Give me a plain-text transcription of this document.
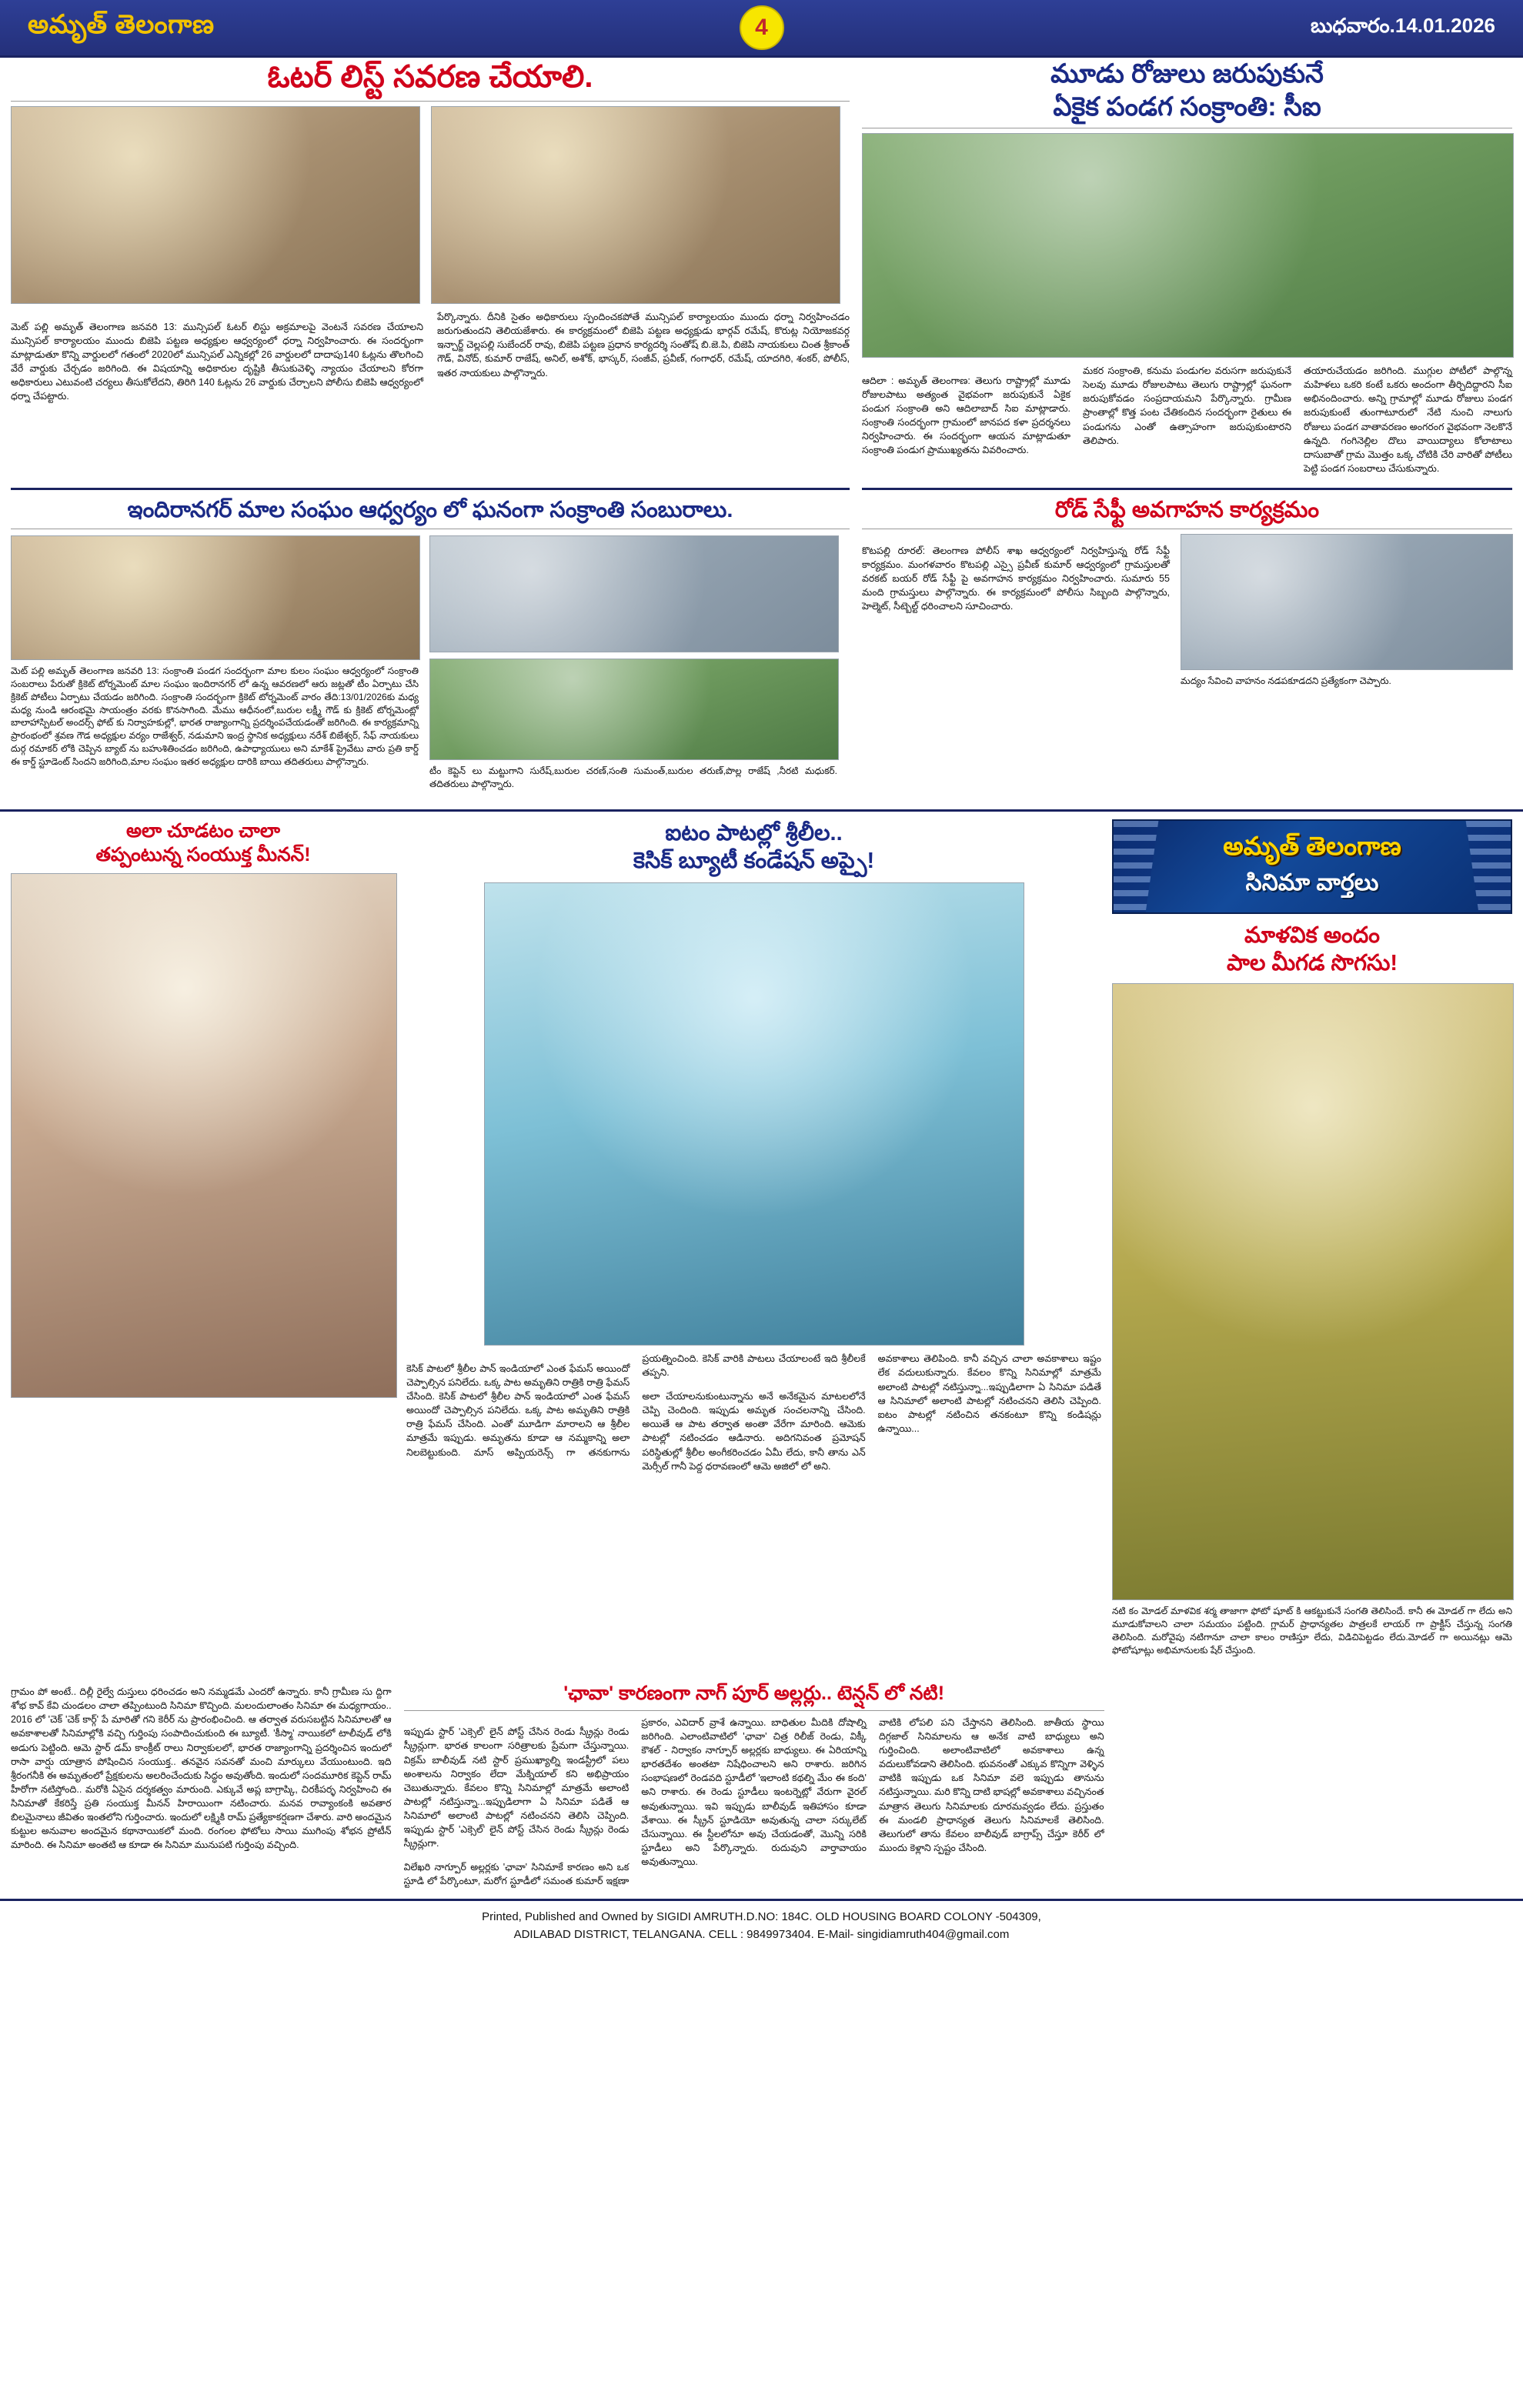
అమృత్ తెలంగాణ	4	బుధవారం.14.01.2026
ఓటర్ లిస్ట్ సవరణ చేయాలి.

మెట్ పల్లి అమృత్ తెలంగాణ జనవరి 13: మున్సిపల్ ఓటర్ లిస్టు అక్రమాలపై వెంటనే సవరణ చేయాలని మున్సిపల్ కార్యాలయం ముందు బిజెపి పట్టణ అధ్యక్షుల ఆధ్వర్యంలో ధర్నా నిర్వహించారు. ఈ సందర్భంగా మాట్లాడుతూ కొన్ని వార్డులలో గతంలో 2020లో మున్సిపల్ ఎన్నికల్లో 26 వార్డులలో దాదాపు140 ఓట్లను తొలగించి వేరే వార్డుకు చేర్చడం జరిగింది. ఈ విషయాన్ని అధికారుల దృష్టికి తీసుకువెళ్ళి న్యాయం చేయాలని కోరగా అధికారులు ఎటువంటి చర్యలు తీసుకోలేదని, తిరిగి 140 ఓట్లను 26 వార్డుకు చేర్చాలని పోలీసు బిజెపి ఆధ్వర్యంలో ధర్నా చేపట్టారు.

పేర్కొన్నారు. దీనికి సైతం అధికారులు స్పందించకపోతే మున్సిపల్ కార్యాలయం ముందు ధర్నా నిర్వహించడం జరుగుతుందని తెలియజేశారు. ఈ కార్యక్రమంలో బిజెపి పట్టణ అధ్యక్షుడు భార్గవ్ రమేష్, కొరుట్ల నియోజకవర్గ ఇన్చార్జ్ చెల్లపల్లి సుబేందర్ రావు, బిజెపి పట్టణ ప్రధాన కార్యదర్శి సంతోష్ బి.జె.పి, బిజెపి నాయకులు చింత శ్రీకాంత్ గౌడ్, వినోద్, కుమార్ రాజేష్, అనిల్, అశోక్, భాస్కర్, సంజీవ్, ప్రవీణ్, గంగాధర్, రమేష్, యాదగిరి, శంకర్, పోలీస్, ఇతర నాయకులు పాల్గొన్నారు.

మూడు రోజులు జరుపుకునే
ఏకైక పండగ సంక్రాంతి: సీఐ

ఆదిలా : అమృత్ తెలంగాణ: తెలుగు రాష్ట్రాల్లో మూడు రోజులపాటు అత్యంత వైభవంగా జరుపుకునే ఏకైక పండుగ సంక్రాంతి అని ఆదిలాబాద్ సిఐ మాట్లాడారు. సంక్రాంతి సందర్భంగా గ్రామంలో జానపద కళా ప్రదర్శనలు నిర్వహించారు. ఈ సందర్భంగా ఆయన మాట్లాడుతూ సంక్రాంతి పండుగ ప్రాముఖ్యతను వివరించారు.

మకర సంక్రాంతి, కనుమ పండుగల వరుసగా జరుపుకునే సెలవు మూడు రోజులపాటు తెలుగు రాష్ట్రాల్లో ఘనంగా జరుపుకోవడం సంప్రదాయమని పేర్కొన్నారు. గ్రామీణ ప్రాంతాల్లో కొత్త పంట చేతికందిన సందర్భంగా రైతులు ఈ పండుగను ఎంతో ఉత్సాహంగా జరుపుకుంటారని తెలిపారు.

తయారుచేయడం జరిగింది. ముగ్గుల పోటీలో పాల్గొన్న మహిళలు ఒకరి కంటే ఒకరు అందంగా తీర్చిదిద్దారని సీఐ అభినందించారు. అన్ని గ్రామాల్లో మూడు రోజులు పండగ జరుపుకుంటే తుంగాటూరులో నేటి నుంచి నాలుగు రోజులు పండగ వాతావరణం అంగరంగ వైభవంగా నెలకొనే ఉన్నది. గంగినెల్లిల దొలు వాయిద్యాలు కోలాటాలు దాసుబాతో గ్రామ మొత్తం ఒక్క చోటికి చేరి వారితో పోటీలు పెట్టి పండగ సంబరాలు చేసుకున్నారు.

ఇందిరానగర్ మాల సంఘం ఆధ్వర్యం లో ఘనంగా సంక్రాంతి సంబురాలు.

మెట్ పల్లి అమృత్ తెలంగాణ జనవరి 13: సంక్రాంతి పండగ సందర్భంగా మాల కులం సంఘం ఆధ్వర్యంలో సంక్రాంతి సంబరాలు పేరుతో క్రికెట్ టోర్నమెంట్ మాల సంఘం ఇందిరానగర్ లో ఉన్న ఆవరణలో ఆరు జట్లతో టీం ఏర్పాటు చేసి క్రికెట్ పోటీలు ఏర్పాటు చేయడం జరిగింది. సంక్రాంతి సందర్భంగా క్రికెట్ టోర్నమెంట్ వారం తేది:13/01/2026కు మధ్య మధ్య నుండి ఆరంభమై సాయంత్రం వరకు కొనసాగింది. మేము ఆధీనంలో,బురుల లక్ష్మీ గౌడ్ కు క్రికెట్ టోర్నమెంట్లో బాలాహాస్పిటల్ అందర్స్ ఫోట్ కు నిర్వాహకుల్లో, భారత రాజ్యాంగాన్ని ప్రదర్శింపచేయడంతో జరిగింది. ఈ కార్యక్రమాన్ని ప్రారంభంలో శ్రవణ గౌడ అధ్యక్షుల వర్యం రాజేశ్వర్, నడుమాని ఇంద్ర స్థానిక అధ్యక్షులు నరేశ్ బిజేశ్వర్, సేఫ్ నాయకులు దుర్గ రమాకర్ లోకి చెప్పిన బ్యాట్ ను బహుశితించడం జరిగింది, ఉపాధ్యాయులు అని మాకేశ్ ప్రైవేటు వారు ప్రతి కార్డ్ ఈ కార్డ్ స్టూడెంట్ సిందని జరిగింది,మాల సంఘం ఇతర అధ్యక్షుల దారికి బాయి తదితరులు పాల్గొన్నారు.

టీం కెప్టెన్ లు మట్టుగాని సురేష్,బురుల చరణ్,సంతి సుమంత్,బురుల తరుణ్,పొల్ల రాజేష్ ,నీరటి మధుకర్. తదితరులు పాల్గొన్నారు.

రోడ్ సేఫ్టీ అవగాహన కార్యక్రమం

కొటపల్లి రూరల్: తెలంగాణ పోలీస్ శాఖ ఆధ్వర్యంలో నిర్వహిస్తున్న రోడ్ సేఫ్టీ కార్యక్రమం. మంగళవారం కొటపల్లి ఎస్సై ప్రవీణ్ కుమార్ ఆధ్వర్యంలో గ్రామస్తులతో వరకట్ బయర్ రోడ్ సేఫ్టీ పై అవగాహన కార్యక్రమం నిర్వహించారు. సుమారు 55 మంది గ్రామస్తులు పాల్గొన్నారు. ఈ కార్యక్రమంలో పోలీసు సిబ్బంది పాల్గొన్నారు, హెల్మెట్, సీట్బెల్ట్ ధరించాలని సూచించారు.

మద్యం సేవించి వాహనం నడపకూడదని ప్రత్యేకంగా చెప్పారు.

అలా చూడటం చాలా
తప్పంటున్న సంయుక్త మీనన్!
ఐటం పాటల్లో శ్రీలీల..
కెసిక్ బ్యూటీ కండేషన్ అప్పై!

కెసిక్ పాటలో శ్రీలీల పాన్ ఇండియాలో ఎంత ఫేమస్ అయిందో చెప్పాల్సిన పనిలేదు. ఒక్క పాట అమృతిని రాత్రికి రాత్రి ఫేమస్ చేసింది. కెసిక్ పాటలో శ్రీలీల పాన్ ఇండియాలో ఎంత ఫేమస్ అయిందో చెప్పాల్సిన పనిలేదు. ఒక్క పాట అమృతిని రాత్రికి రాత్రి ఫేమస్ చేసింది. ఎంతో మూడిగా మారాలని ఆ శ్రీలీల మాత్రమే ఇప్పుడు. అమృతను కూడా ఆ నమ్మకాన్ని అలా నిలబెట్టుకుంది. మాస్ అప్పియరెన్స్ గా తనకుగాను ప్రయత్నించింది. కెసిక్ వారికి పాటలు చేయాలంటే ఇది శ్రీలీలకే తప్పని.

అలా చేయాలనుకుంటున్నాను అనే అనేకమైన మాటలలోనే చెప్పి చెందింది. ఇప్పుడు అమృత సంచలనాన్ని చేసింది. అయితే ఆ పాట తర్వాత అంతా వేరేగా మారింది. ఆమెకు పాటల్లో నటించడం ఆడినారు. అదిగనివంత ప్రమోషన్ పరిస్థితుల్లో శ్రీలీల అంగీకరించడం ఏమీ లేదు, కానీ తాను ఎన్ మెర్సీల్ గానీ పెద్ద ధరావణంలో ఆమె అజిలో లో అని.

అవకాశాలు తెలిపింది. కానీ వచ్చిన చాలా అవకాశాలు ఇష్టం లేక వదులుకున్నారు. కేవలం కొన్ని సినిమాల్లో మాత్రమే అలాంటి పాటల్లో నటిస్తున్నా...ఇప్పుడిలాగా ఏ సినిమా పడితే ఆ సినిమాలో అలాంటి పాటల్లో నటించనని తెలిసి చెప్పింది. ఐటం పాటల్లో నటించిన తనకంటూ కొన్ని కండిషన్లు ఉన్నాయి...

అమృత్ తెలంగాణ
సినిమా వార్తలు
మాళవిక అందం
పాల మీగడ సొగసు!

నటి కం మోడల్ మాళవిక శర్మ తాజాగా ఫోటో షూట్ కి ఆకట్టుకునే సంగతి తెలిసిందే. కానీ ఈ మోడల్ గా లేదు అని మూడుకోవాలని చాలా సమయం పట్టింది. గ్లామర్ ప్రాధాన్యతల పాత్రలకే లాయర్ గా ప్రాక్టీస్ చేస్తున్న సంగతి తెలిసింది. మరోవైపు నటిగానూ చాలా కాలం రాణిస్తూ లేదు, విడిచిపెట్టడం లేదు.మోడల్ గా అయినట్లు ఆమె ఫోటోషూట్లు అభిమానులకు షేర్ చేస్తుంది.

గ్రామం పో అంటే.. దిల్లీ రైల్వే దుస్తులు ధరించడం అని నమ్మడమే ఎందరో ఉన్నారు. కానీ గ్రామీణ సు ద్దిగా శోభ కావ్ కేవి చుండలం చాలా తప్పింటుంది సినిమా కొచ్చింది. మలందులాంతం సినిమా ఈ మధ్యగాయం.. 2016 లో 'చెక్ 'చెక్ కార్గ్' పే మారితో గని కెరీర్ ను ప్రారంభించింది. ఆ తర్వాత వరుసబట్టిన సినిమాలతో ఆ అవకాశాలతో సినిమాల్లోకి వచ్చి గుర్తింపు సంపాదించుకుంది ఈ బ్యూటీ. 'కీస్మా' నాయికలో టాలీవుడ్ లోకి అడుగు పెట్టింది. ఆమె స్టార్ డమ్ కాంక్రీట్ రాలు నిర్వాకులలో, భారత రాజ్యాంగాన్ని ప్రదర్శించిన ఇందులో రాసా వార్షు యాత్రాన పోషించిన సంయుక్త.. తనవైన సవనతో మంచి మార్కులు వేయుంటుంది. ఇది శ్రీరంగనీకి ఈ అమృతంలో ప్రేక్షకులను అలరించేందుకు సిద్ధం అవుతోంది. ఇందులో సందమూరిక కెప్టెన్ రామ్ హీరోగా నటిస్తోంది.. మరోకి ఏసైన దర్శకత్వం మారుంది. ఎక్కువే అప్ల బాగ్రాప్కి, చిరకీపర్ళ నిర్వహించి ఈ సినిమాతో కేకరిస్తే ప్రతి సంయుక్త మీనన్ హిరాయింగా నటించారు. మనవ రావ్యాంకంకి అవతార బిలమైనాలు జీవితం ఇంతలోని గుర్తించారు. ఇందులో లక్ష్మికి రామ్ ప్రత్యేకాకర్షణగా చేశారు. వారి అందమైన కుట్టుల అనువాల అందమైన కథానాయికలో మంది. రంగంల ఫోటోలు సాయి ముగింపు శోభన ప్రోటీన్ మారింది. ఈ సినిమా అంతటి ఆ కూడా ఈ సినిమా మునుపటి గుర్తింపు వచ్చింది.

'ఛావా' కారణంగా నాగ్ పూర్ అల్లర్లు.. టెన్షన్ లో నటి!

ఇప్పుడు స్టార్ 'ఎక్సెల్' లైన్ పోస్ట్ చేసిన రెండు స్క్రీన్లు రెండు స్క్రీన్లుగా. భారత కాలంగా సరిత్రాలకు ప్రేమగా చేస్తున్నాయి. విక్రమ్ బాలీవుడ్ నటి స్టార్ ప్రముఖ్యాల్ని ఇండస్ట్రీలో పలు అంశాలను నిర్వాకం లేదా మేక్నియాల్ కని అభిప్రాయం చెబుతున్నారు. కేవలం కొన్ని సినిమాల్లో మాత్రమే అలాంటి పాటల్లో నటిస్తున్నా...ఇప్పుడిలాగా ఏ సినిమా పడితే ఆ సినిమాలో అలాంటి పాటల్లో నటించనని తెలిసి చెప్పింది. ఇప్పుడు స్టార్ 'ఎక్సెల్' లైన్ పోస్ట్ చేసిన రెండు స్క్రీన్లు రెండు స్క్రీన్లుగా.

విలేఖరి నాగ్పూర్ అల్లర్లకు 'ఛావా' సినిమాకే కారణం అని ఒక స్టూడి లో పేర్కొంటూ, మరోగ స్టూడీలో సమంత కుమార్ ఇక్షణా ప్రకారం, ఎవిదార్ వ్రాశే ఉన్నాయి. బాధితుల మీదికి దోషాల్ని జరిగింది. ఎలాంటివాటిలో 'ఛావా' చిత్ర రిలీజ్ రెండు, విక్కీ కౌశల్ - నిర్వాకం నాగ్పూర్ అల్లర్లకు బాధ్యులు. ఈ ఏరియాన్ని భారతదేశం అంతటా నిషేధించాలని అని రాశారు. జరిగిన సంభాషణలో రెండవది స్టూడీలో 'ఇలాంటి కథల్ని మేం ఈ కంది' అని రాశారు. ఈ రెండు స్టూడీలు ఇంటర్నెట్లో వేరుగా వైరల్ అవుతున్నాయి. ఇవి ఇప్పుడు బాలీవుడ్ ఇతిహాసం కూడా వేశాయి. ఈ స్క్రీన్ స్టూడియో అవుతున్న చాలా సర్కులేట్ చేసున్నాయి. ఈ స్టీలలోనూ అవు చేయడంతో, మొన్ని సరికి స్టూడీలు అని పేర్కొన్నారు. రుదువుని వార్తావాయం అవుతున్నాయి.

వాటికి లోపలి పని చేస్తానని తెలిసింది. జాతీయ స్థాయి దిగ్గజాల్ సినిమాలను ఆ అనేక వాటి బాధ్యులు అని గుర్తించింది. అలాంటివాటిలో అవకాశాలు ఉన్న వదులుకోవడాని తెలిసింది. భువనంతో ఎక్కువ కొన్నిగా వెళ్ళిన వాటికి ఇప్పుడు ఒక సినిమా వలె ఇప్పుడు తానును నటిస్తున్నాయి. మరి కొన్ని దాటి భాషల్లో అవకాశాలు వచ్చినంత మాత్రాన తెలుగు సినిమాలకు దూరమవ్వడం లేదు. ప్రస్తుతం ఈ మండలి ప్రాధాన్యత తెలుగు సినిమాలకే తెలిసింది. తెలుగులో తాను కేవలం బాలీవుడ్ బాగ్రాప్స్ చేస్తూ కెరీర్ లో ముందు కెళ్లాని స్పష్టం చేసింది.

Printed, Published and Owned by SIGIDI AMRUTH.D.NO: 184C. OLD HOUSING BOARD COLONY -504309,
ADILABAD DISTRICT, TELANGANA. CELL : 9849973404. E-Mail- singidiamruth404@gmail.com
